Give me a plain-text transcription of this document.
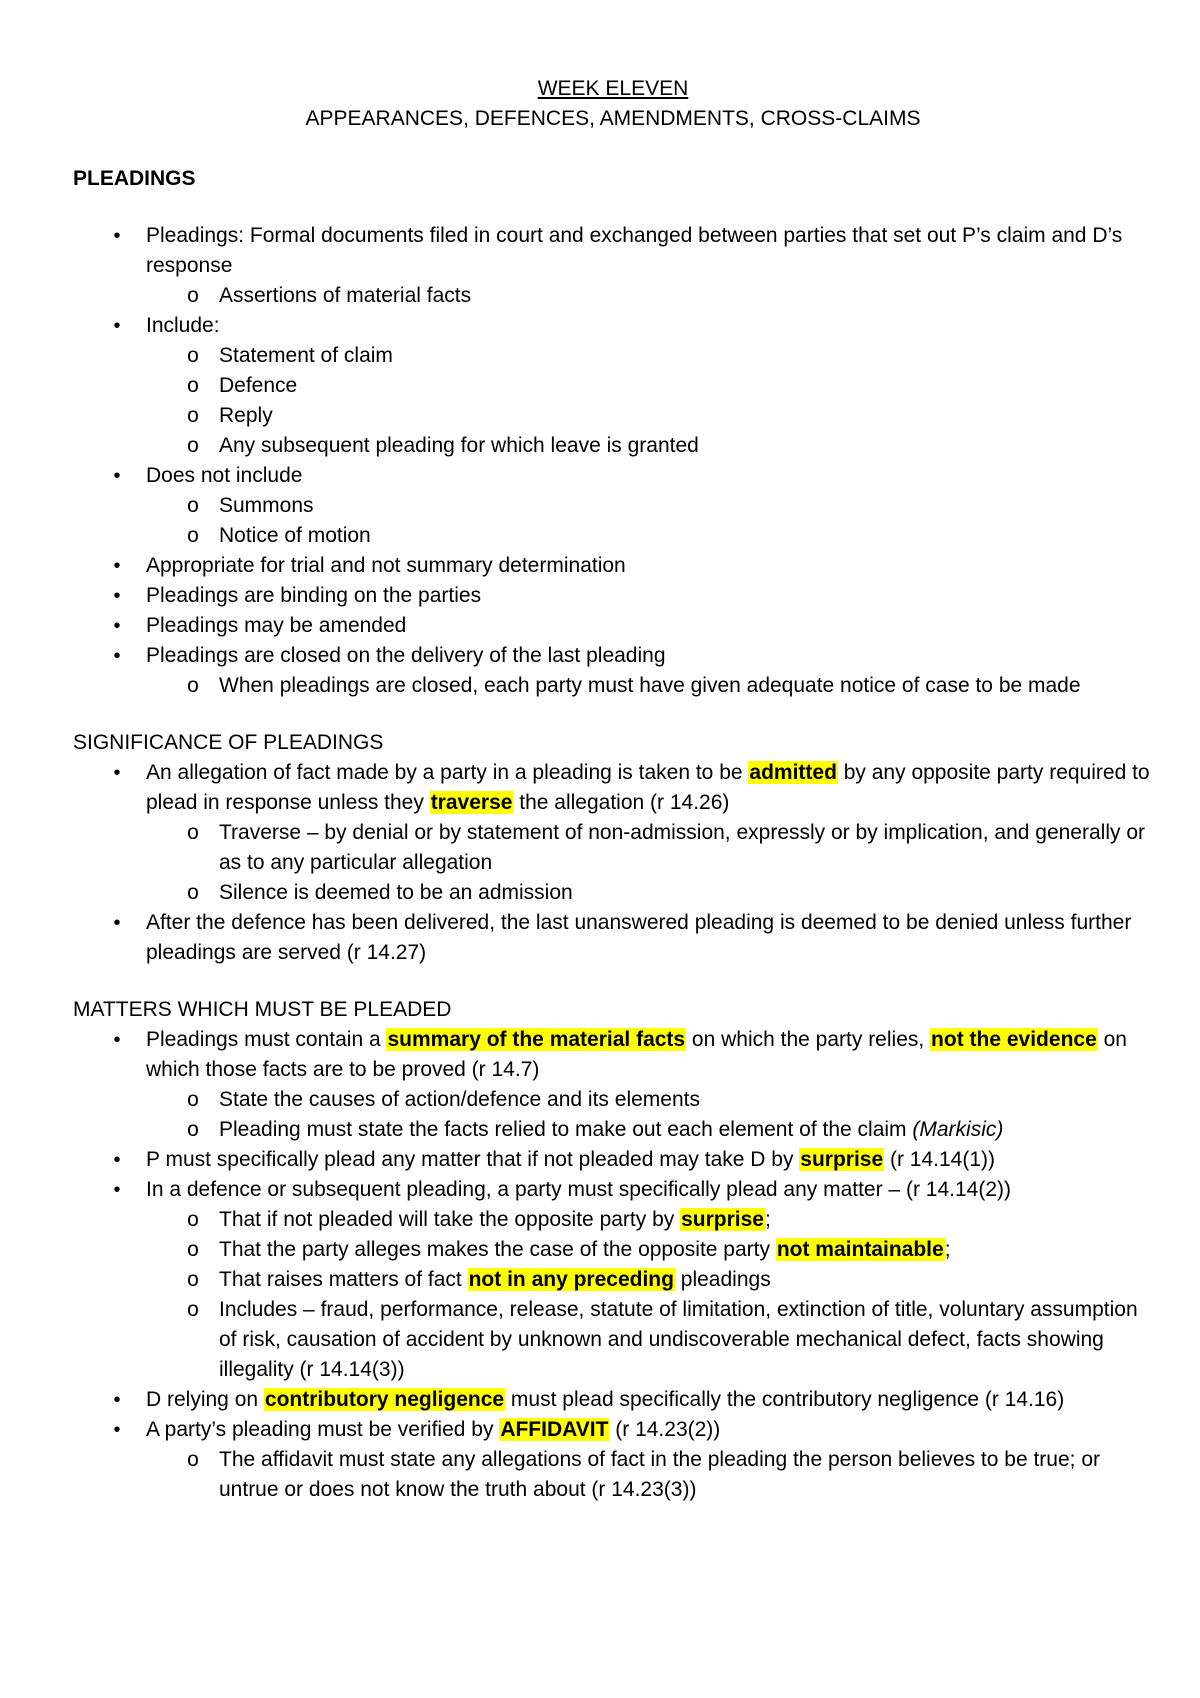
WEEK ELEVEN
APPEARANCES, DEFENCES, AMENDMENTS, CROSS-CLAIMS
PLEADINGS
•	Pleadings: Formal documents filed in court and exchanged between parties that set out P’s claim and D’s response
o Assertions of material facts
•	Include:
o Statement of claim
o Defence
o Reply
o Any subsequent pleading for which leave is granted
•	Does not include
o Summons
o Notice of motion
•	Appropriate for trial and not summary determination
•	Pleadings are binding on the parties
•	Pleadings may be amended
•	Pleadings are closed on the delivery of the last pleading
o When pleadings are closed, each party must have given adequate notice of case to be made
SIGNIFICANCE OF PLEADINGS
•	An allegation of fact made by a party in a pleading is taken to be admitted by any opposite party required to plead in response unless they traverse the allegation (r 14.26)
o Traverse – by denial or by statement of non-admission, expressly or by implication, and generally or as to any particular allegation
o Silence is deemed to be an admission
•	After the defence has been delivered, the last unanswered pleading is deemed to be denied unless further pleadings are served (r 14.27)
MATTERS WHICH MUST BE PLEADED
•	Pleadings must contain a summary of the material facts on which the party relies, not the evidence on which those facts are to be proved (r 14.7)
o State the causes of action/defence and its elements
o Pleading must state the facts relied to make out each element of the claim (Markisic)
•	P must specifically plead any matter that if not pleaded may take D by surprise (r 14.14(1))
•	In a defence or subsequent pleading, a party must specifically plead any matter – (r 14.14(2))
o That if not pleaded will take the opposite party by surprise;
o That the party alleges makes the case of the opposite party not maintainable;
o That raises matters of fact not in any preceding pleadings
o Includes – fraud, performance, release, statute of limitation, extinction of title, voluntary assumption of risk, causation of accident by unknown and undiscoverable mechanical defect, facts showing illegality (r 14.14(3))
•	D relying on contributory negligence must plead specifically the contributory negligence (r 14.16)
•	A party’s pleading must be verified by AFFIDAVIT (r 14.23(2))
o The affidavit must state any allegations of fact in the pleading the person believes to be true; or untrue or does not know the truth about (r 14.23(3))
